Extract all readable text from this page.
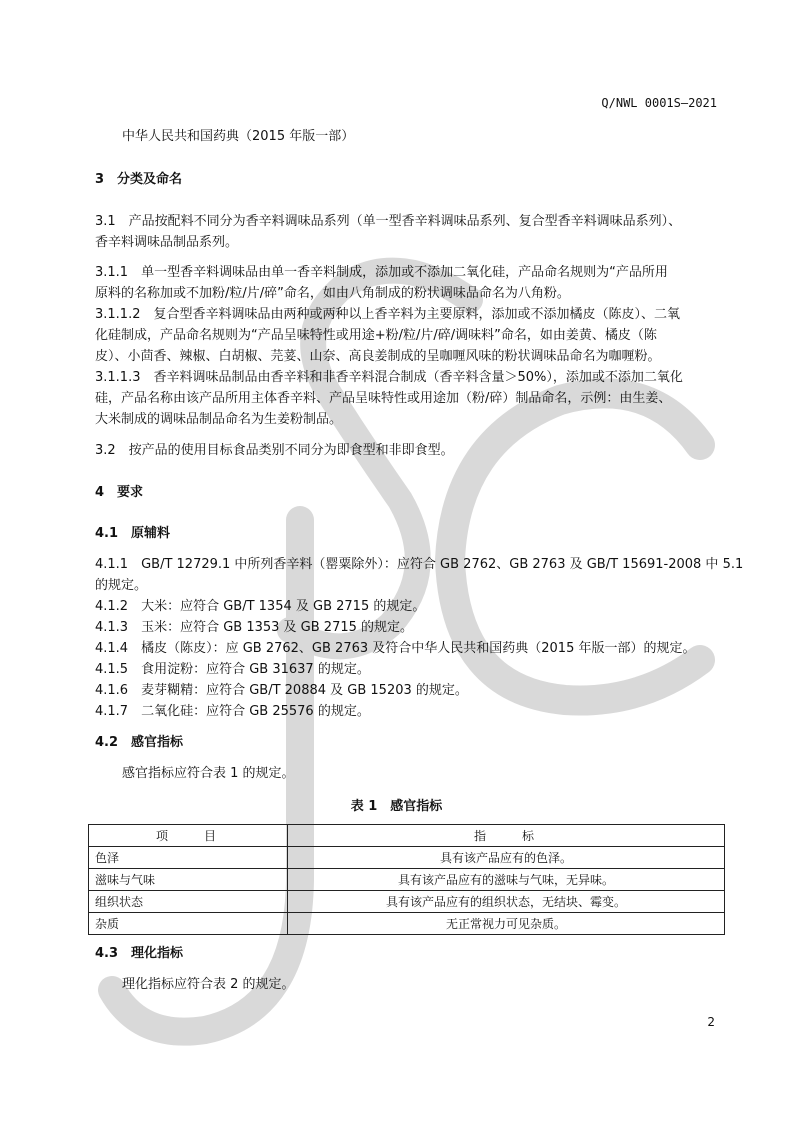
Q/NWL 0001S—2021
中华人民共和国药典（2015 年版一部）
3　分类及命名
3.1　产品按配料不同分为香辛料调味品系列（单一型香辛料调味品系列、复合型香辛料调味品系列）、
香辛料调味品制品系列。
3.1.1　单一型香辛料调味品由单一香辛料制成，添加或不添加二氧化硅，产品命名规则为“产品所用
原料的名称加或不加粉/粒/片/碎”命名，如由八角制成的粉状调味品命名为八角粉。
3.1.1.2　复合型香辛料调味品由两种或两种以上香辛料为主要原料，添加或不添加橘皮（陈皮）、二氧
化硅制成，产品命名规则为“产品呈味特性或用途+粉/粒/片/碎/调味料”命名，如由姜黄、橘皮（陈
皮）、小茴香、辣椒、白胡椒、芫荽、山奈、高良姜制成的呈咖喱风味的粉状调味品命名为咖喱粉。
3.1.1.3　香辛料调味品制品由香辛料和非香辛料混合制成（香辛料含量＞50%），添加或不添加二氧化
硅，产品名称由该产品所用主体香辛料、产品呈味特性或用途加（粉/碎）制品命名，示例：由生姜、
大米制成的调味品制品命名为生姜粉制品。
3.2　按产品的使用目标食品类别不同分为即食型和非即食型。
4　要求
4.1　原辅料
4.1.1　GB/T 12729.1 中所列香辛料（罂粟除外）：应符合 GB 2762、GB 2763 及 GB/T 15691-2008 中 5.1
的规定。
4.1.2　大米：应符合 GB/T 1354 及 GB 2715 的规定。
4.1.3　玉米：应符合 GB 1353 及 GB 2715 的规定。
4.1.4　橘皮（陈皮）：应 GB 2762、GB 2763 及符合中华人民共和国药典（2015 年版一部）的规定。
4.1.5　食用淀粉：应符合 GB 31637 的规定。
4.1.6　麦芽糊精：应符合 GB/T 20884 及 GB 15203 的规定。
4.1.7　二氧化硅：应符合 GB 25576 的规定。
4.2　感官指标
感官指标应符合表 1 的规定。
表 1　感官指标
项　　目	指　　标
色泽	具有该产品应有的色泽。
滋味与气味	具有该产品应有的滋味与气味，无异味。
组织状态	具有该产品应有的组织状态，无结块、霉变。
杂质	无正常视力可见杂质。
4.3　理化指标
理化指标应符合表 2 的规定。
2
